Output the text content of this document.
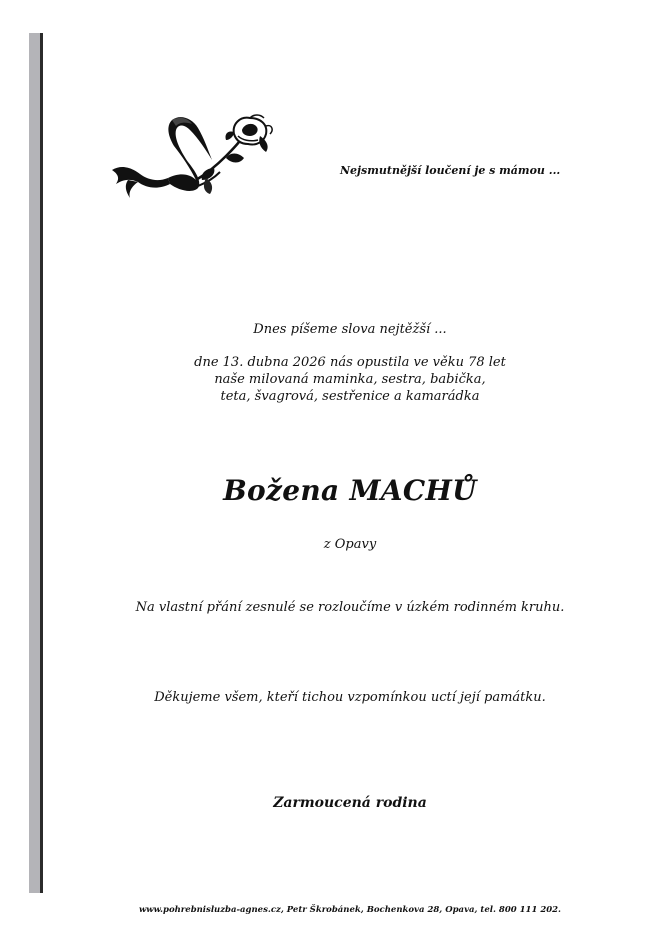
Nejsmutnější loučení je s mámou ...
Dnes píšeme slova nejtěžší ...
dne 13. dubna 2026 nás opustila ve věku 78 let
naše milovaná maminka, sestra, babička,
teta, švagrová, sestřenice a kamarádka
Božena MACHŮ
z Opavy
Na vlastní přání zesnulé se rozloučíme v úzkém rodinném kruhu.
Děkujeme všem, kteří tichou vzpomínkou uctí její památku.
Zarmoucená rodina
www.pohrebnisluzba-agnes.cz, Petr Škrobánek, Bochenkova 28, Opava, tel. 800 111 202.
